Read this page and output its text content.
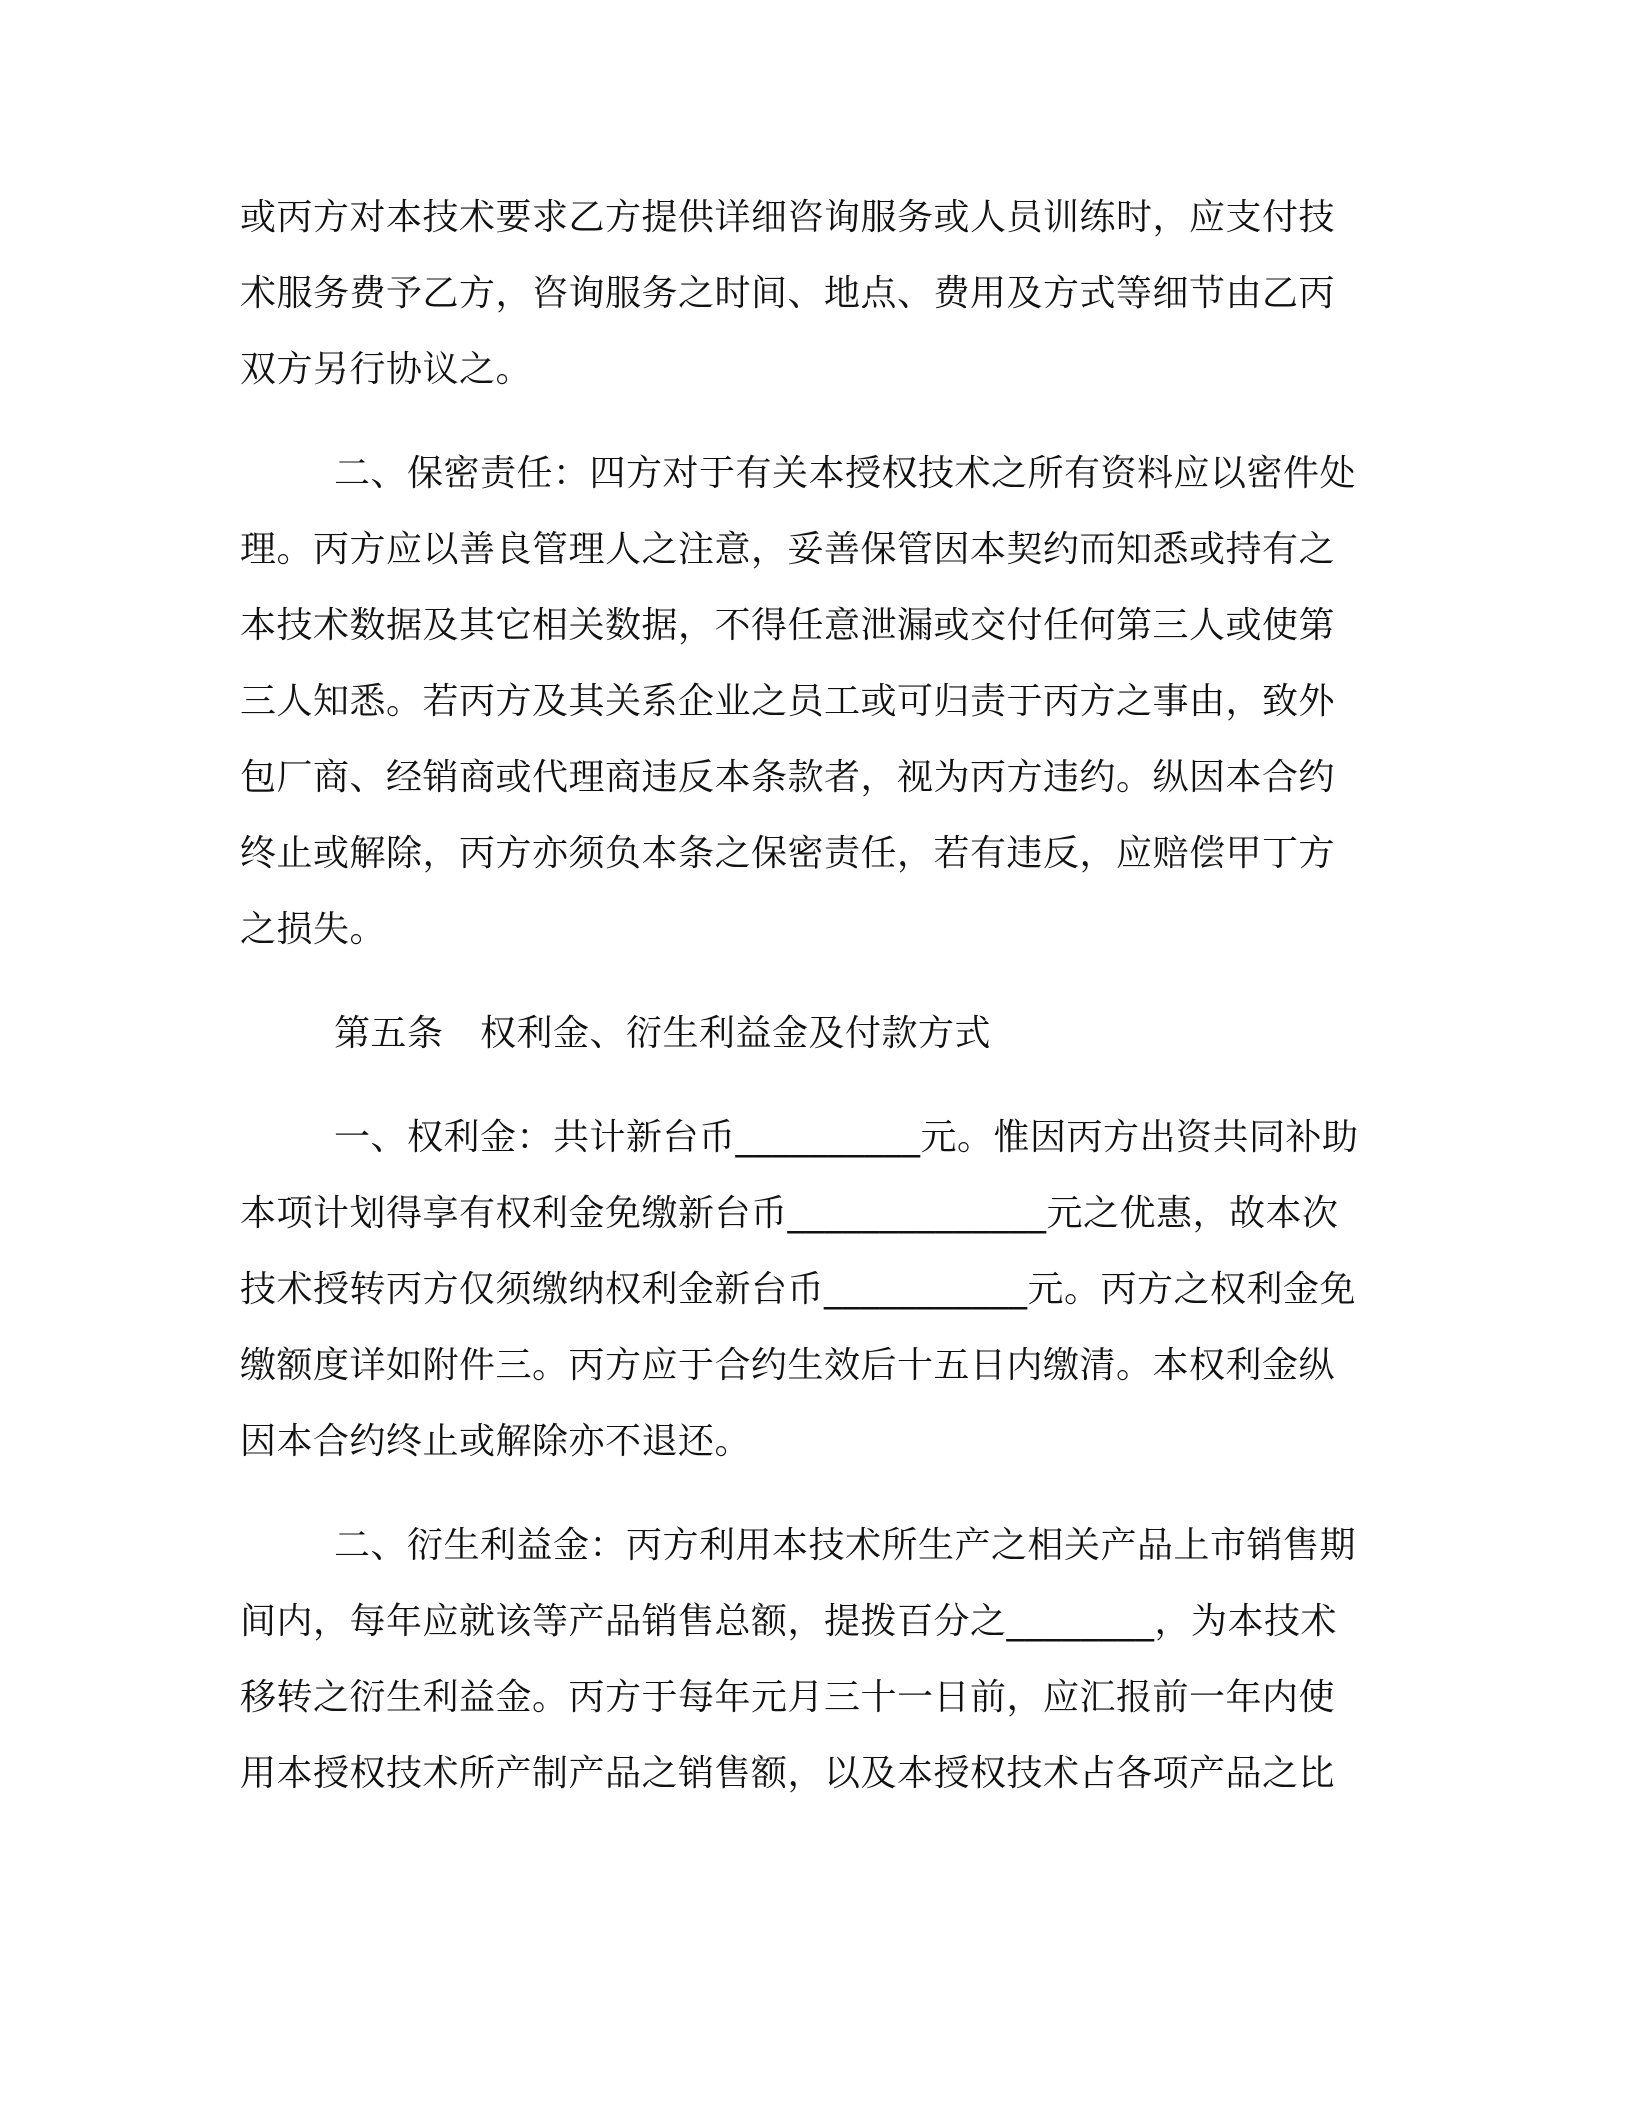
或丙方对本技术要求乙方提供详细咨询服务或人员训练时，应支付技
术服务费予乙方，咨询服务之时间、地点、费用及方式等细节由乙丙
双方另行协议之。
二、保密责任：四方对于有关本授权技术之所有资料应以密件处
理。丙方应以善良管理人之注意，妥善保管因本契约而知悉或持有之
本技术数据及其它相关数据，不得任意泄漏或交付任何第三人或使第
三人知悉。若丙方及其关系企业之员工或可归责于丙方之事由，致外
包厂商、经销商或代理商违反本条款者，视为丙方违约。纵因本合约
终止或解除，丙方亦须负本条之保密责任，若有违反，应赔偿甲丁方
之损失。
第五条　权利金、衍生利益金及付款方式
一、权利金：共计新台币__________元。惟因丙方出资共同补助
本项计划得享有权利金免缴新台币______________元之优惠，故本次
技术授转丙方仅须缴纳权利金新台币___________元。丙方之权利金免
缴额度详如附件三。丙方应于合约生效后十五日内缴清。本权利金纵
因本合约终止或解除亦不退还。
二、衍生利益金：丙方利用本技术所生产之相关产品上市销售期
间内，每年应就该等产品销售总额，提拨百分之________，为本技术
移转之衍生利益金。丙方于每年元月三十一日前，应汇报前一年内使
用本授权技术所产制产品之销售额，以及本授权技术占各项产品之比
